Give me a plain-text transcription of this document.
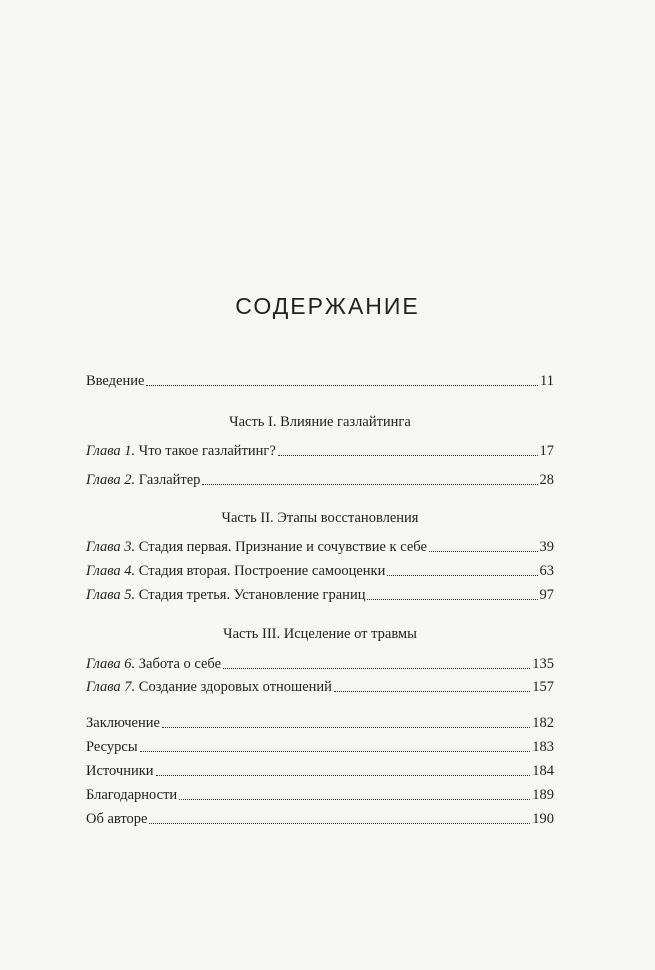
СОДЕРЖАНИЕ
Введение	11
Часть I. Влияние газлайтинга
Глава 1. Что такое газлайтинг?	17
Глава 2. Газлайтер	28
Часть II. Этапы восстановления
Глава 3. Стадия первая. Признание и сочувствие к себе	39
Глава 4. Стадия вторая. Построение самооценки	63
Глава 5. Стадия третья. Установление границ	97
Часть III. Исцеление от травмы
Глава 6. Забота о себе	135
Глава 7. Создание здоровых отношений	157
Заключение	182
Ресурсы	183
Источники	184
Благодарности	189
Об авторе	190
